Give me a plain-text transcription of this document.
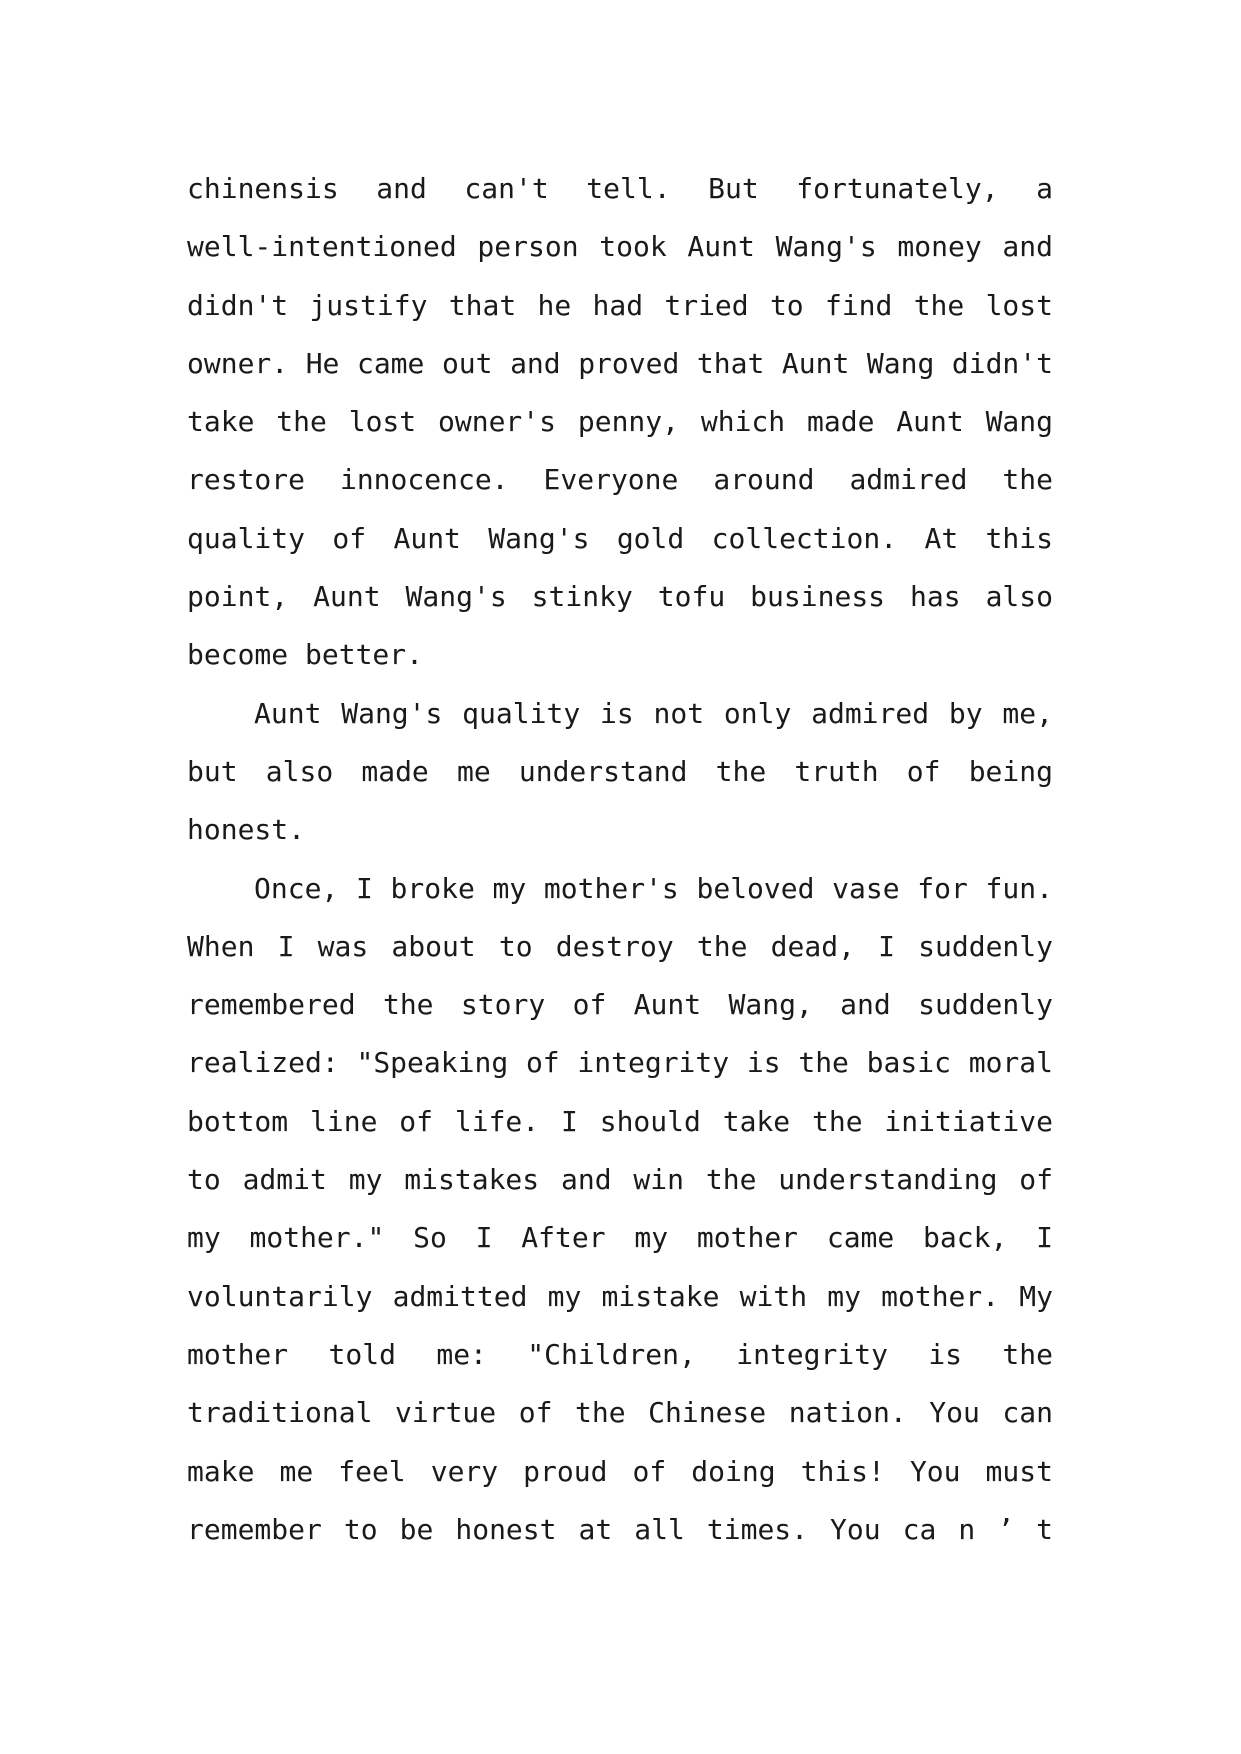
chinensis and can't tell. But fortunately, a
well-intentioned person took Aunt Wang's money and
didn't justify that he had tried to find the lost
owner. He came out and proved that Aunt Wang didn't
take the lost owner's penny, which made Aunt Wang
restore innocence. Everyone around admired the
quality of Aunt Wang's gold collection. At this
point, Aunt Wang's stinky tofu business has also
become better.
Aunt Wang's quality is not only admired by me,
but also made me understand the truth of being
honest.
Once, I broke my mother's beloved vase for fun.
When I was about to destroy the dead, I suddenly
remembered the story of Aunt Wang, and suddenly
realized: "Speaking of integrity is the basic moral
bottom line of life. I should take the initiative
to admit my mistakes and win the understanding of
my mother." So I After my mother came back, I
voluntarily admitted my mistake with my mother. My
mother told me: "Children, integrity is the
traditional virtue of the Chinese nation. You can
make me feel very proud of doing this! You must
remember to be honest at all times. You ca n ’ t
